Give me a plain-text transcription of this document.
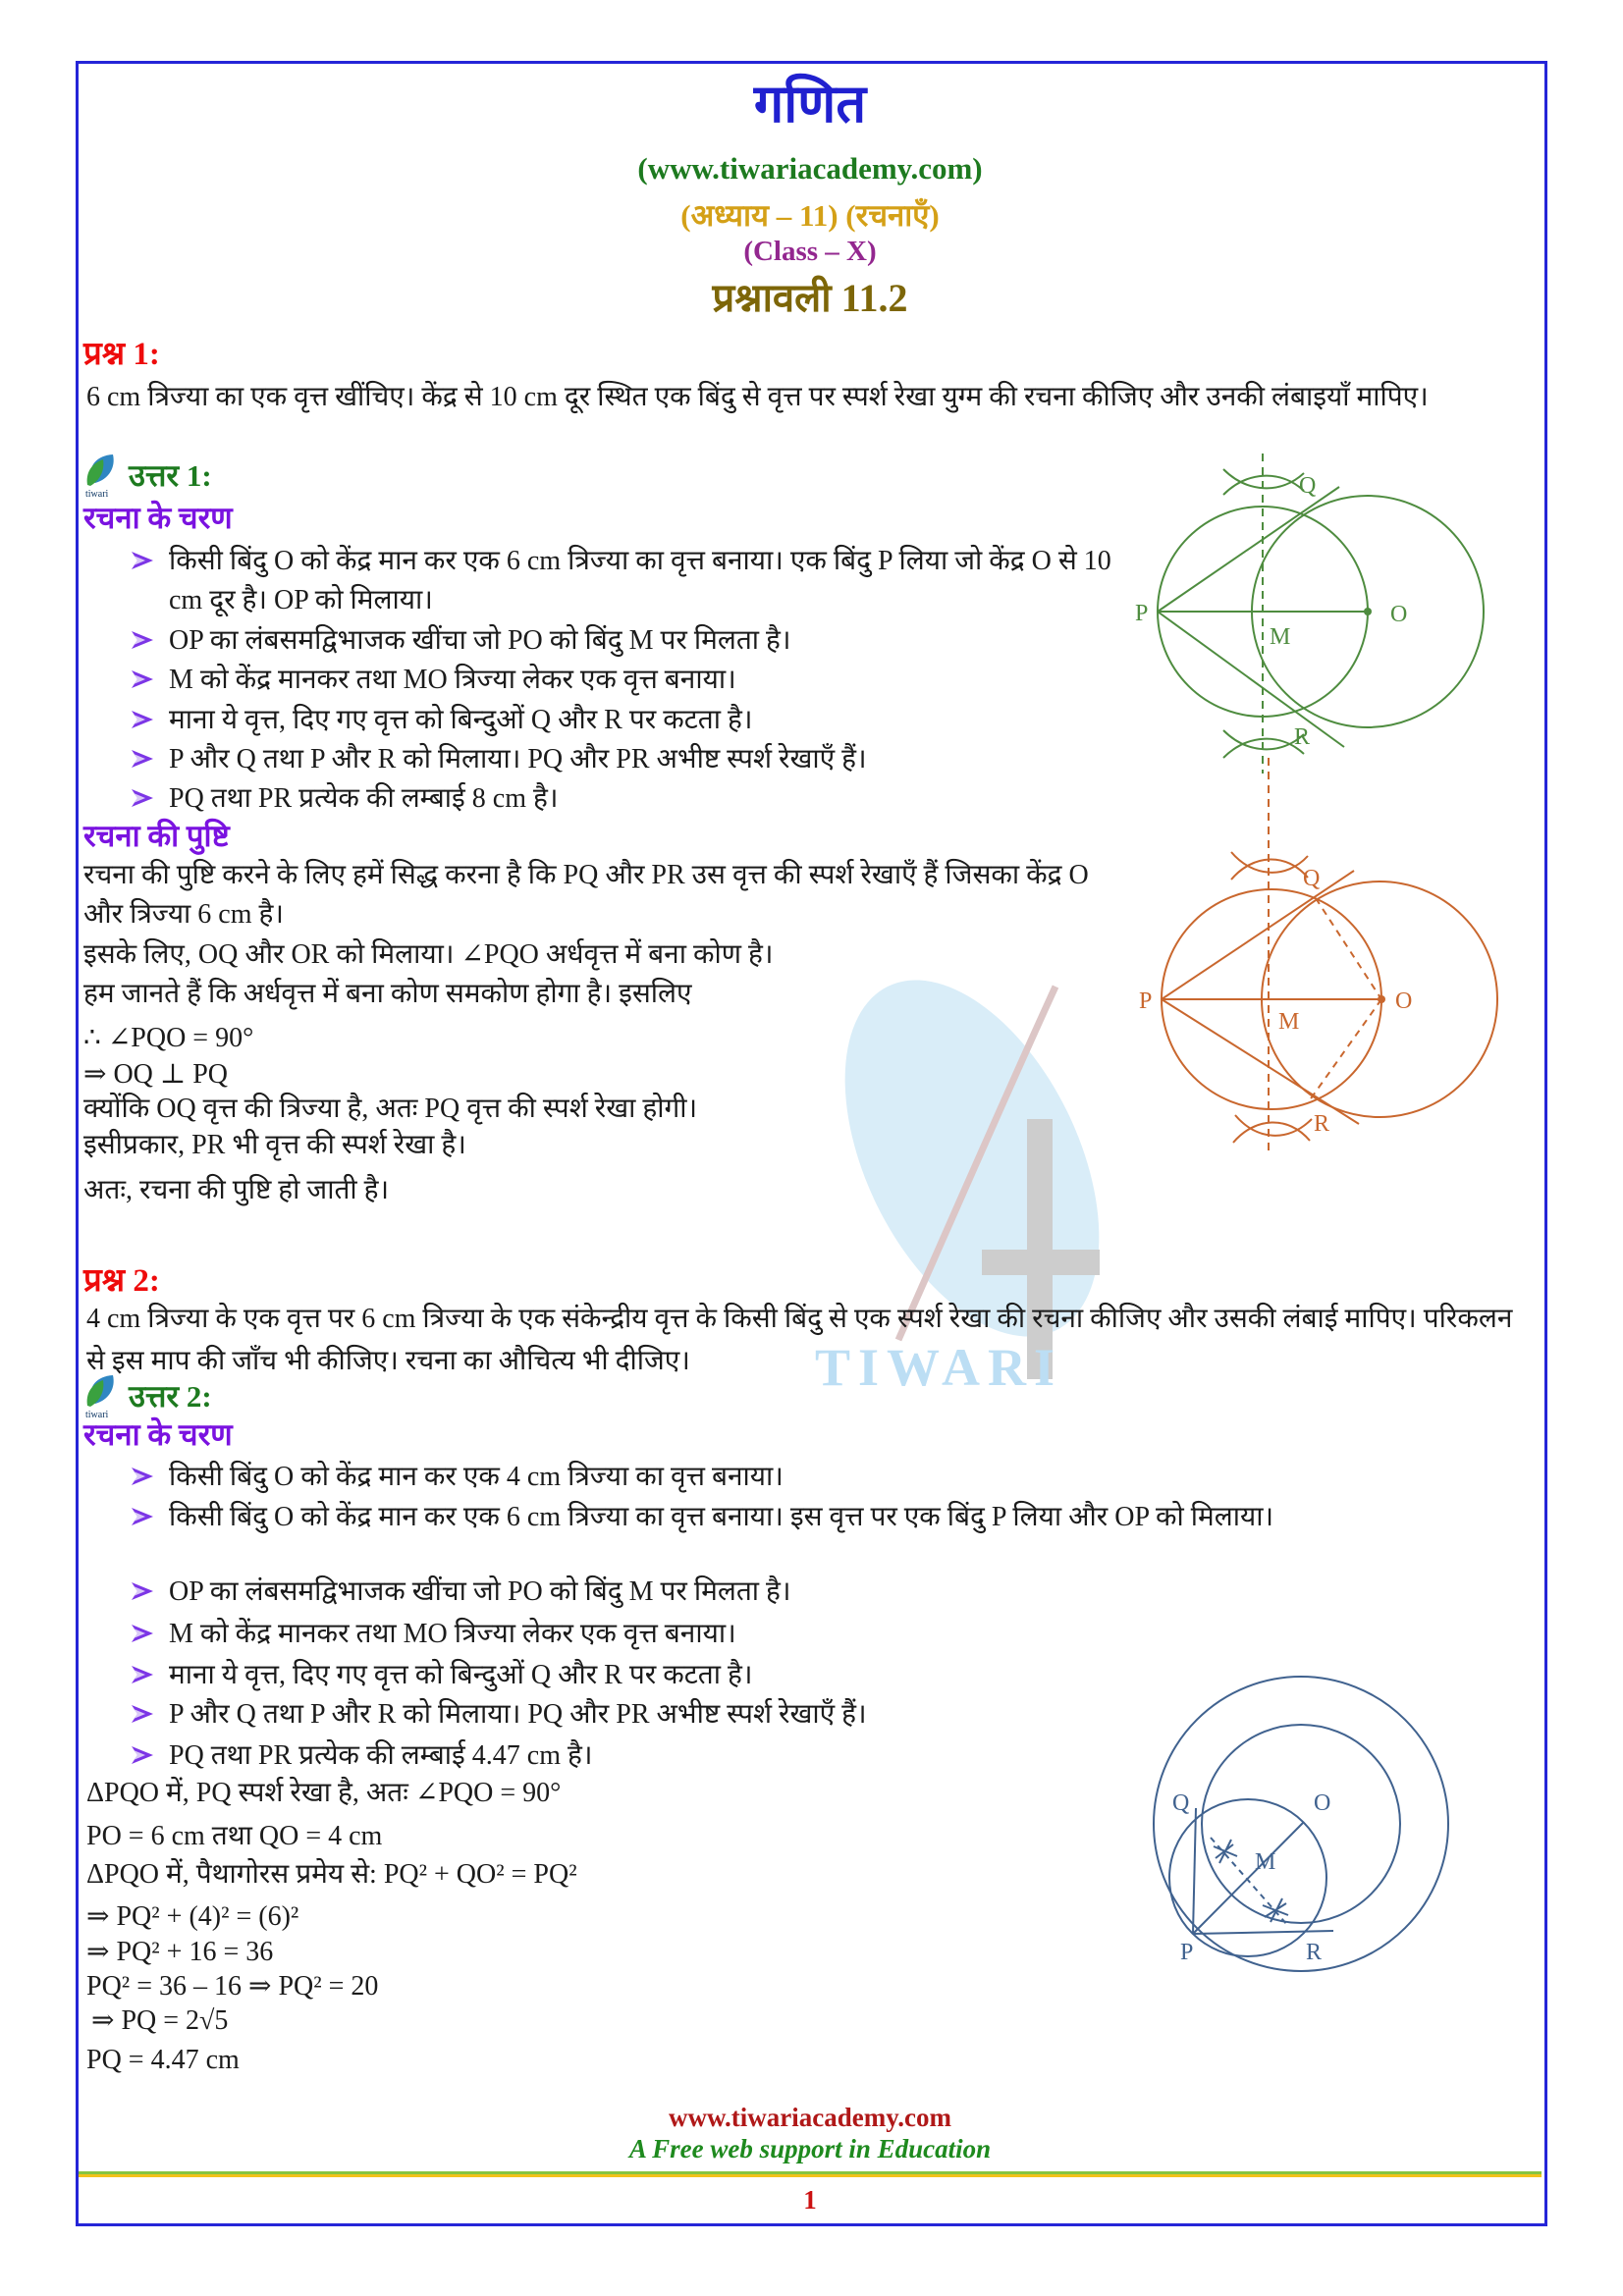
TIWARI
गणित
(www.tiwariacademy.com)
(अध्याय – 11) (रचनाएँ)
(Class – X)
प्रश्नावली 11.2
प्रश्न 1:
6 cm त्रिज्या का एक वृत्त खींचिए। केंद्र से 10 cm दूर स्थित एक बिंदु से वृत्त पर स्पर्श रेखा युग्म की रचना कीजिए और उनकी लंबाइयाँ मापिए।
tiwari
उत्तर 1:
रचना के चरण
किसी बिंदु O को केंद्र मान कर एक 6 cm त्रिज्या का वृत्त बनाया। एक बिंदु P लिया जो केंद्र O से 10 cm दूर है। OP को मिलाया।
OP का लंबसमद्विभाजक खींचा जो PO को बिंदु M पर मिलता है।
M को केंद्र मानकर तथा MO त्रिज्या लेकर एक वृत्त बनाया।
माना ये वृत्त, दिए गए वृत्त को बिन्दुओं Q और R पर कटता है।
P और Q तथा P और R को मिलाया। PQ और PR अभीष्ट स्पर्श रेखाएँ हैं।
PQ तथा PR प्रत्येक की लम्बाई 8 cm है।
रचना की पुष्टि
रचना की पुष्टि करने के लिए हमें सिद्ध करना है कि PQ और PR उस वृत्त की स्पर्श रेखाएँ हैं जिसका केंद्र O और त्रिज्या 6 cm है।
इसके लिए, OQ और OR को मिलाया। ∠PQO अर्धवृत्त में बना कोण है।
हम जानते हैं कि अर्धवृत्त में बना कोण समकोण होगा है। इसलिए
∴ ∠PQO = 90°
⇒ OQ ⊥ PQ
क्योंकि OQ वृत्त की त्रिज्या है, अतः PQ वृत्त की स्पर्श रेखा होगी।
इसीप्रकार, PR भी वृत्त की स्पर्श रेखा है।
अतः, रचना की पुष्टि हो जाती है।
प्रश्न 2:
4 cm त्रिज्या के एक वृत्त पर 6 cm त्रिज्या के एक संकेन्द्रीय वृत्त के किसी बिंदु से एक स्पर्श रेखा की रचना कीजिए और उसकी लंबाई मापिए। परिकलन से इस माप की जाँच भी कीजिए। रचना का औचित्य भी दीजिए।
tiwari
उत्तर 2:
रचना के चरण
किसी बिंदु O को केंद्र मान कर एक 4 cm त्रिज्या का वृत्त बनाया।
किसी बिंदु O को केंद्र मान कर एक 6 cm त्रिज्या का वृत्त बनाया। इस वृत्त पर एक बिंदु P लिया और OP को मिलाया।
OP का लंबसमद्विभाजक खींचा जो PO को बिंदु M पर मिलता है।
M को केंद्र मानकर तथा MO त्रिज्या लेकर एक वृत्त बनाया।
माना ये वृत्त, दिए गए वृत्त को बिन्दुओं Q और R पर कटता है।
P और Q तथा P और R को मिलाया। PQ और PR अभीष्ट स्पर्श रेखाएँ हैं।
PQ तथा PR प्रत्येक की लम्बाई 4.47 cm है।
ΔPQO में, PQ स्पर्श रेखा है, अतः ∠PQO = 90°
PO = 6 cm तथा QO = 4 cm
ΔPQO में, पैथागोरस प्रमेय से: PQ² + QO² = PQ²
⇒ PQ² + (4)² = (6)²
⇒ PQ² + 16 = 36
PQ² = 36 – 16 ⇒ PQ² = 20
⇒ PQ = 2√5
PQ = 4.47 cm
P	O
M
Q
R
P	O
M
Q
R
Q	O
M
P	R
www.tiwariacademy.com
A Free web support in Education
1
